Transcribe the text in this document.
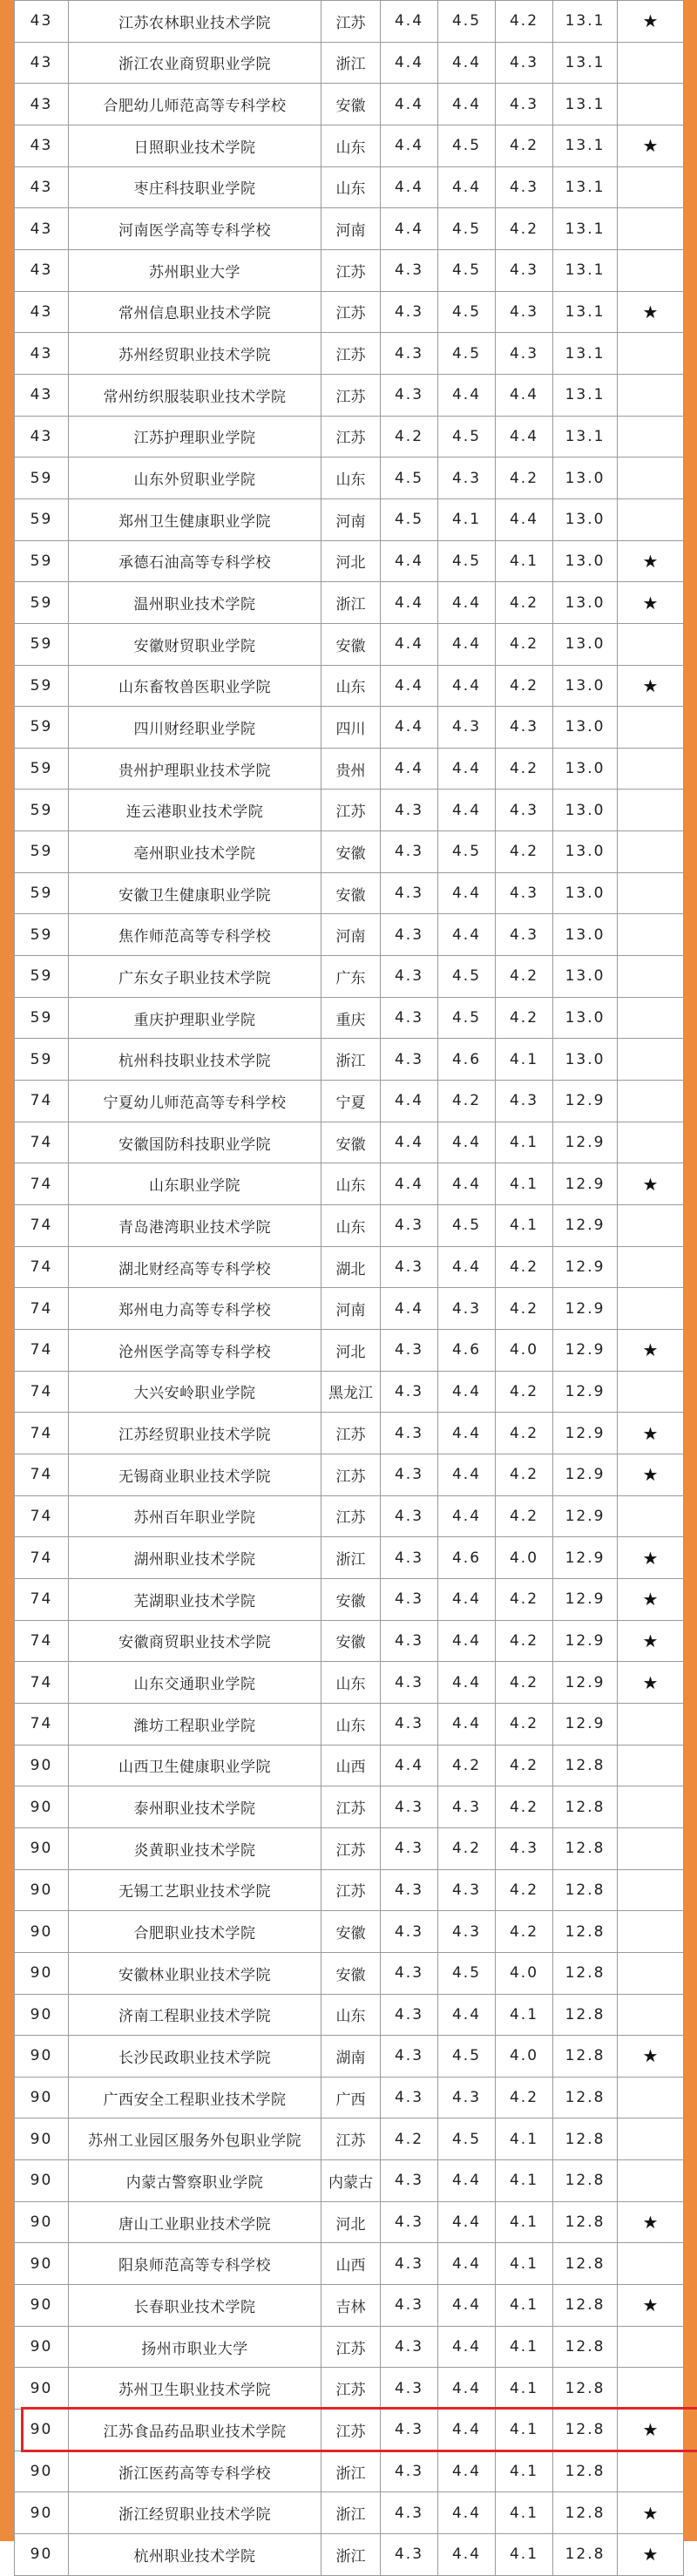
43	江苏农林职业技术学院	江苏	4.4	4.5	4.2	13.1	★
43	浙江农业商贸职业学院	浙江	4.4	4.4	4.3	13.1	
43	合肥幼儿师范高等专科学校	安徽	4.4	4.4	4.3	13.1	
43	日照职业技术学院	山东	4.4	4.5	4.2	13.1	★
43	枣庄科技职业学院	山东	4.4	4.4	4.3	13.1	
43	河南医学高等专科学校	河南	4.4	4.5	4.2	13.1	
43	苏州职业大学	江苏	4.3	4.5	4.3	13.1	
43	常州信息职业技术学院	江苏	4.3	4.5	4.3	13.1	★
43	苏州经贸职业技术学院	江苏	4.3	4.5	4.3	13.1	
43	常州纺织服装职业技术学院	江苏	4.3	4.4	4.4	13.1	
43	江苏护理职业学院	江苏	4.2	4.5	4.4	13.1	
59	山东外贸职业学院	山东	4.5	4.3	4.2	13.0	
59	郑州卫生健康职业学院	河南	4.5	4.1	4.4	13.0	
59	承德石油高等专科学校	河北	4.4	4.5	4.1	13.0	★
59	温州职业技术学院	浙江	4.4	4.4	4.2	13.0	★
59	安徽财贸职业学院	安徽	4.4	4.4	4.2	13.0	
59	山东畜牧兽医职业学院	山东	4.4	4.4	4.2	13.0	★
59	四川财经职业学院	四川	4.4	4.3	4.3	13.0	
59	贵州护理职业技术学院	贵州	4.4	4.4	4.2	13.0	
59	连云港职业技术学院	江苏	4.3	4.4	4.3	13.0	
59	亳州职业技术学院	安徽	4.3	4.5	4.2	13.0	
59	安徽卫生健康职业学院	安徽	4.3	4.4	4.3	13.0	
59	焦作师范高等专科学校	河南	4.3	4.4	4.3	13.0	
59	广东女子职业技术学院	广东	4.3	4.5	4.2	13.0	
59	重庆护理职业学院	重庆	4.3	4.5	4.2	13.0	
59	杭州科技职业技术学院	浙江	4.3	4.6	4.1	13.0	
74	宁夏幼儿师范高等专科学校	宁夏	4.4	4.2	4.3	12.9	
74	安徽国防科技职业学院	安徽	4.4	4.4	4.1	12.9	
74	山东职业学院	山东	4.4	4.4	4.1	12.9	★
74	青岛港湾职业技术学院	山东	4.3	4.5	4.1	12.9	
74	湖北财经高等专科学校	湖北	4.3	4.4	4.2	12.9	
74	郑州电力高等专科学校	河南	4.4	4.3	4.2	12.9	
74	沧州医学高等专科学校	河北	4.3	4.6	4.0	12.9	★
74	大兴安岭职业学院	黑龙江	4.3	4.4	4.2	12.9	
74	江苏经贸职业技术学院	江苏	4.3	4.4	4.2	12.9	★
74	无锡商业职业技术学院	江苏	4.3	4.4	4.2	12.9	★
74	苏州百年职业学院	江苏	4.3	4.4	4.2	12.9	
74	湖州职业技术学院	浙江	4.3	4.6	4.0	12.9	★
74	芜湖职业技术学院	安徽	4.3	4.4	4.2	12.9	★
74	安徽商贸职业技术学院	安徽	4.3	4.4	4.2	12.9	★
74	山东交通职业学院	山东	4.3	4.4	4.2	12.9	★
74	潍坊工程职业学院	山东	4.3	4.4	4.2	12.9	
90	山西卫生健康职业学院	山西	4.4	4.2	4.2	12.8	
90	泰州职业技术学院	江苏	4.3	4.3	4.2	12.8	
90	炎黄职业技术学院	江苏	4.3	4.2	4.3	12.8	
90	无锡工艺职业技术学院	江苏	4.3	4.3	4.2	12.8	
90	合肥职业技术学院	安徽	4.3	4.3	4.2	12.8	
90	安徽林业职业技术学院	安徽	4.3	4.5	4.0	12.8	
90	济南工程职业技术学院	山东	4.3	4.4	4.1	12.8	
90	长沙民政职业技术学院	湖南	4.3	4.5	4.0	12.8	★
90	广西安全工程职业技术学院	广西	4.3	4.3	4.2	12.8	
90	苏州工业园区服务外包职业学院	江苏	4.2	4.5	4.1	12.8	
90	内蒙古警察职业学院	内蒙古	4.3	4.4	4.1	12.8	
90	唐山工业职业技术学院	河北	4.3	4.4	4.1	12.8	★
90	阳泉师范高等专科学校	山西	4.3	4.4	4.1	12.8	
90	长春职业技术学院	吉林	4.3	4.4	4.1	12.8	★
90	扬州市职业大学	江苏	4.3	4.4	4.1	12.8	
90	苏州卫生职业技术学院	江苏	4.3	4.4	4.1	12.8	
90	江苏食品药品职业技术学院	江苏	4.3	4.4	4.1	12.8	★
90	浙江医药高等专科学校	浙江	4.3	4.4	4.1	12.8	
90	浙江经贸职业技术学院	浙江	4.3	4.4	4.1	12.8	★
90	杭州职业技术学院	浙江	4.3	4.4	4.1	12.8	★
